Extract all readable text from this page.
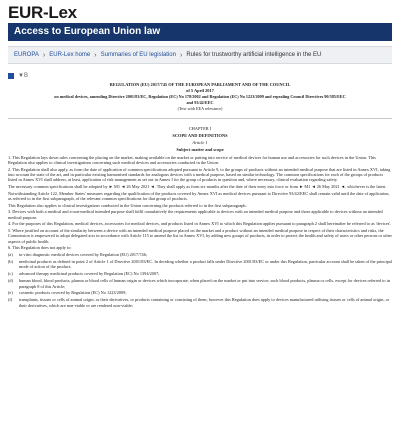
EUR-Lex
Access to European Union law
EUROPA › EUR-Lex home › Summaries of EU legislation › Rules for trustworthy artificial intelligence in the EU
▼B
REGULATION (EU) 2017/745 OF THE EUROPEAN PARLIAMENT AND OF THE COUNCIL
of 5 April 2017
on medical devices, amending Directive 2001/83/EC, Regulation (EC) No 178/2002 and Regulation (EC) No 1223/2009 and repealing Council Directives 90/385/EEC
and 93/42/EEC
(Text with EEA relevance)
CHAPTER I
SCOPE AND DEFINITIONS
Article 1
Subject matter and scope

1. This Regulation lays down rules concerning the placing on the market, making available on the market or putting into service of medical devices for human use and accessories for such devices in the Union. This Regulation also applies to clinical investigations concerning such medical devices and accessories conducted in the Union.

2. This Regulation shall also apply, as from the date of application of common specifications adopted pursuant to Article 9, to the groups of products without an intended medical purpose that are listed in Annex XVI, taking into account the state of the art, and in particular existing harmonised standards for analogous devices with a medical purpose, based on similar technology. The common specifications for each of the groups of products listed in Annex XVI shall address, at least, application of risk management as set out in Annex I for the group of products in question and, where necessary, clinical evaluation regarding safety.

The necessary common specifications shall be adopted by ► M1 ◄ 26 May 2021 ◄. They shall apply as from six months after the date of their entry into force or from ► M1 ◄ 26 May 2021 ◄, whichever is the latest.

Notwithstanding Article 122, Member States' measures regarding the qualification of the products covered by Annex XVI as medical devices pursuant to Directive 93/42/EEC shall remain valid until the date of application, as referred to in the first subparagraph, of the relevant common specifications for that group of products.

This Regulation also applies to clinical investigations conducted in the Union concerning the products referred to in the first subparagraph.

3. Devices with both a medical and a non-medical intended purpose shall fulfil cumulatively the requirements applicable to devices with an intended medical purpose and those applicable to devices without an intended medical purpose.

4. For the purposes of this Regulation, medical devices, accessories for medical devices, and products listed in Annex XVI to which this Regulation applies pursuant to paragraph 2 shall hereinafter be referred to as 'devices'.

5. Where justified on account of the similarity between a device with an intended medical purpose placed on the market and a product without an intended medical purpose in respect of their characteristics and risks, the Commission is empowered to adopt delegated acts in accordance with Article 115 to amend the list in Annex XVI, by adding new groups of products, in order to protect the health and safety of users or other persons or other aspects of public health.

6. This Regulation does not apply to:

(a)	in vitro diagnostic medical devices covered by Regulation (EU) 2017/746;
(b)	medicinal products as defined in point 2 of Article 1 of Directive 2001/83/EC. In deciding whether a product falls under Directive 2001/83/EC or under this Regulation, particular account shall be taken of the principal mode of action of the product;
(c)	advanced therapy medicinal products covered by Regulation (EC) No 1394/2007;
(d)	human blood, blood products, plasma or blood cells of human origin or devices which incorporate, when placed on the market or put into service, such blood products, plasma or cells, except for devices referred to in paragraph 8 of this Article;
(e)	cosmetic products covered by Regulation (EC) No 1223/2009;
(f)	transplants, tissues or cells of animal origin, or their derivatives, or products containing or consisting of them; however this Regulation does apply to devices manufactured utilising tissues or cells of animal origin, or their derivatives, which are non-viable or are rendered non-viable;
